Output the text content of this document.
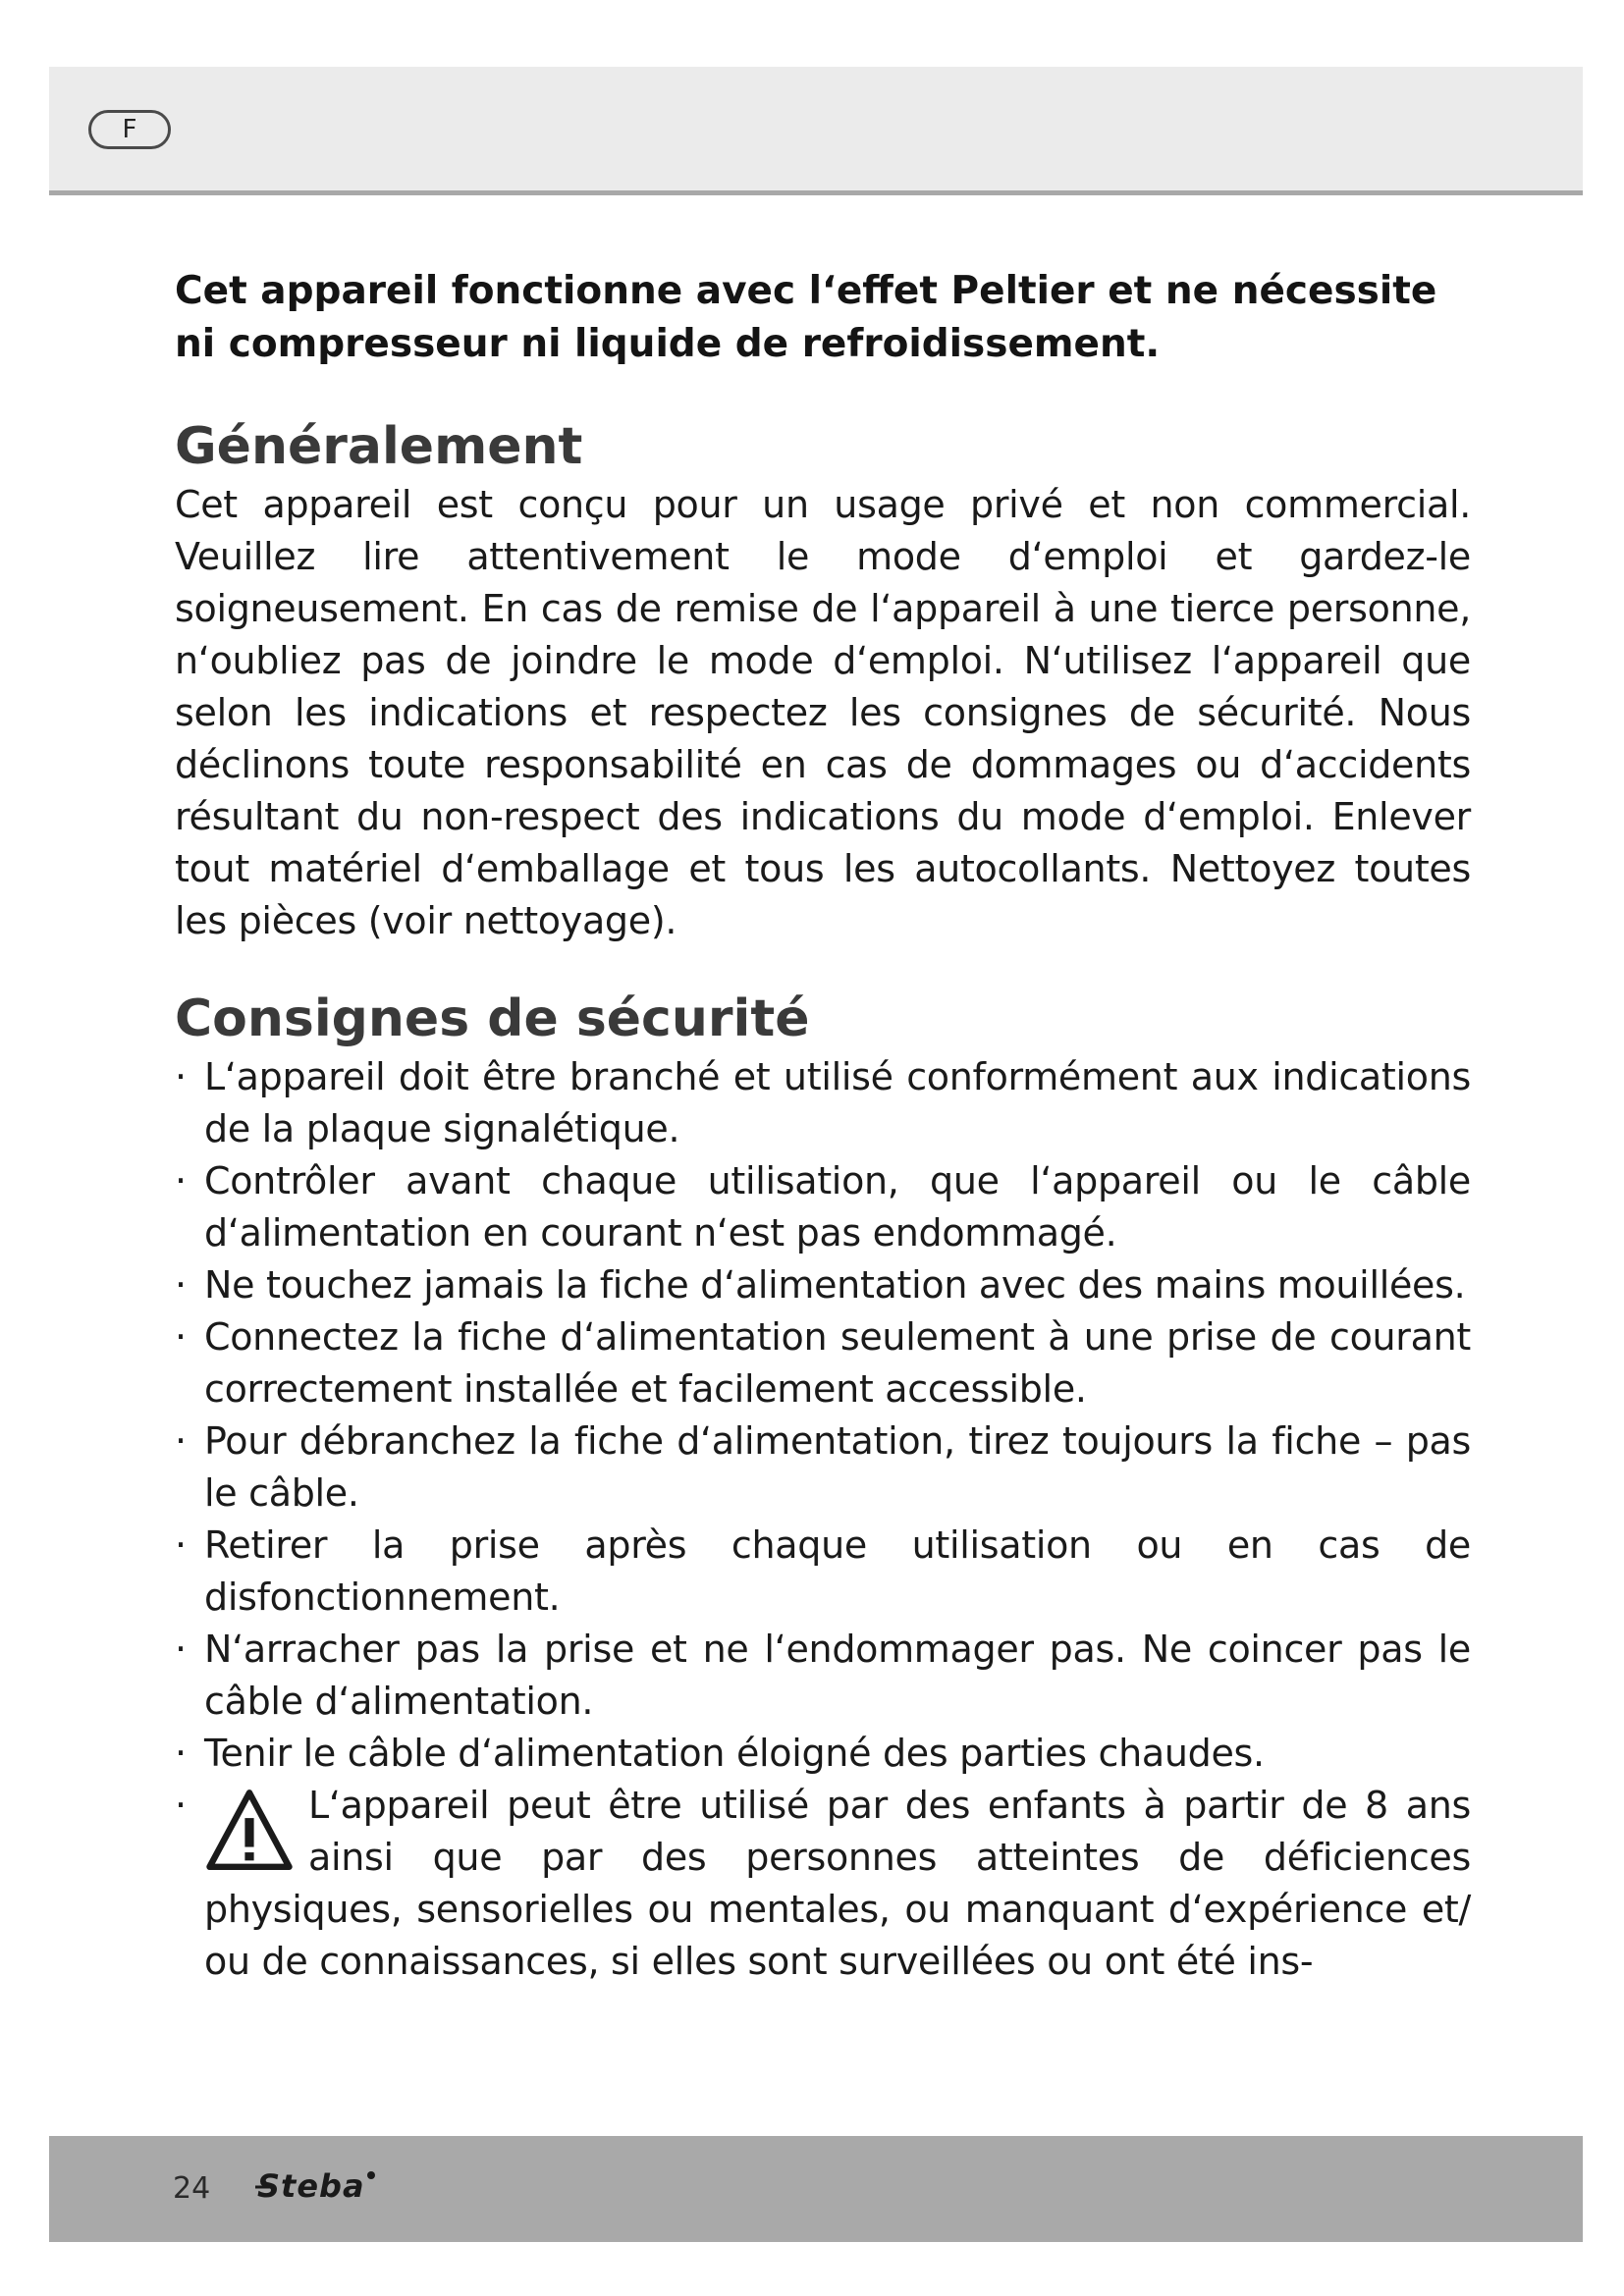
F

Cet appareil fonctionne avec l‘effet Peltier et ne nécessite ni compresseur ni liquide de refroidissement.

Généralement

Cet appareil est conçu pour un usage privé et non commercial. Veuillez lire attentivement le mode d‘emploi et gardez-le soigneusement. En cas de remise de l‘appareil à une tierce personne, n‘oubliez pas de joindre le mode d‘emploi. N‘utilisez l‘appareil que selon les indications et respectez les consignes de sécurité. Nous déclinons toute responsabilité en cas de dommages ou d‘accidents résultant du non-respect des indications du mode d‘emploi. Enlever tout matériel d‘emballage et tous les autocollants. Nettoyez toutes les pièces (voir nettoyage).

Consignes de sécurité
· L‘appareil doit être branché et utilisé conformément aux indications de la plaque signalétique.
· Contrôler avant chaque utilisation, que l‘appareil ou le câble d‘alimentation en courant n‘est pas endommagé.
· Ne touchez jamais la fiche d‘alimentation avec des mains mouillées.
· Connectez la fiche d‘alimentation seulement à une prise de courant correctement installée et facilement accessible.
· Pour débranchez la fiche d‘alimentation, tirez toujours la fiche – pas le câble.
· Retirer la prise après chaque utilisation ou en cas de disfonctionnement.
· N‘arracher pas la prise et ne l‘endommager pas. Ne coincer pas le câble d‘alimentation.
· Tenir le câble d‘alimentation éloigné des parties chaudes.
·	L‘appareil peut être utilisé par des enfants à partir de 8 ans ainsi que par des personnes atteintes de déficiences physiques, sensorielles ou mentales, ou manquant d‘expérience et/ ou de connaissances, si elles sont surveillées ou ont été ins-
24 Steba
